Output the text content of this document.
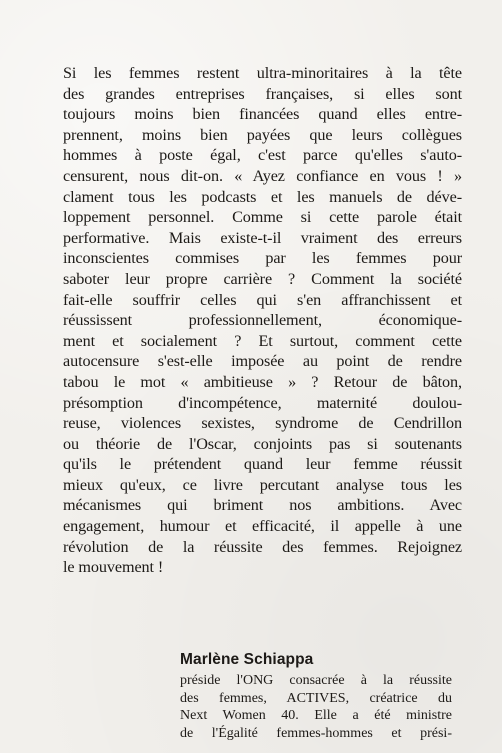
Si les femmes restent ultra-minoritaires à la tête
des grandes entreprises françaises, si elles sont
toujours moins bien financées quand elles entre-
prennent, moins bien payées que leurs collègues
hommes à poste égal, c'est parce qu'elles s'auto-
censurent, nous dit-on. « Ayez confiance en vous ! »
clament tous les podcasts et les manuels de déve-
loppement personnel. Comme si cette parole était
performative. Mais existe-t-il vraiment des erreurs
inconscientes commises par les femmes pour
saboter leur propre carrière ? Comment la société
fait-elle souffrir celles qui s'en affranchissent et
réussissent professionnellement, économique-
ment et socialement ? Et surtout, comment cette
autocensure s'est-elle imposée au point de rendre
tabou le mot « ambitieuse » ? Retour de bâton,
présomption d'incompétence, maternité doulou-
reuse, violences sexistes, syndrome de Cendrillon
ou théorie de l'Oscar, conjoints pas si soutenants
qu'ils le prétendent quand leur femme réussit
mieux qu'eux, ce livre percutant analyse tous les
mécanismes qui briment nos ambitions. Avec
engagement, humour et efficacité, il appelle à une
révolution de la réussite des femmes. Rejoignez
le mouvement !

Marlène Schiappa

préside l'ONG consacrée à la réussite
des femmes, ACTIVES, créatrice du
Next Women 40. Elle a été ministre
de l'Égalité femmes-hommes et prési-
